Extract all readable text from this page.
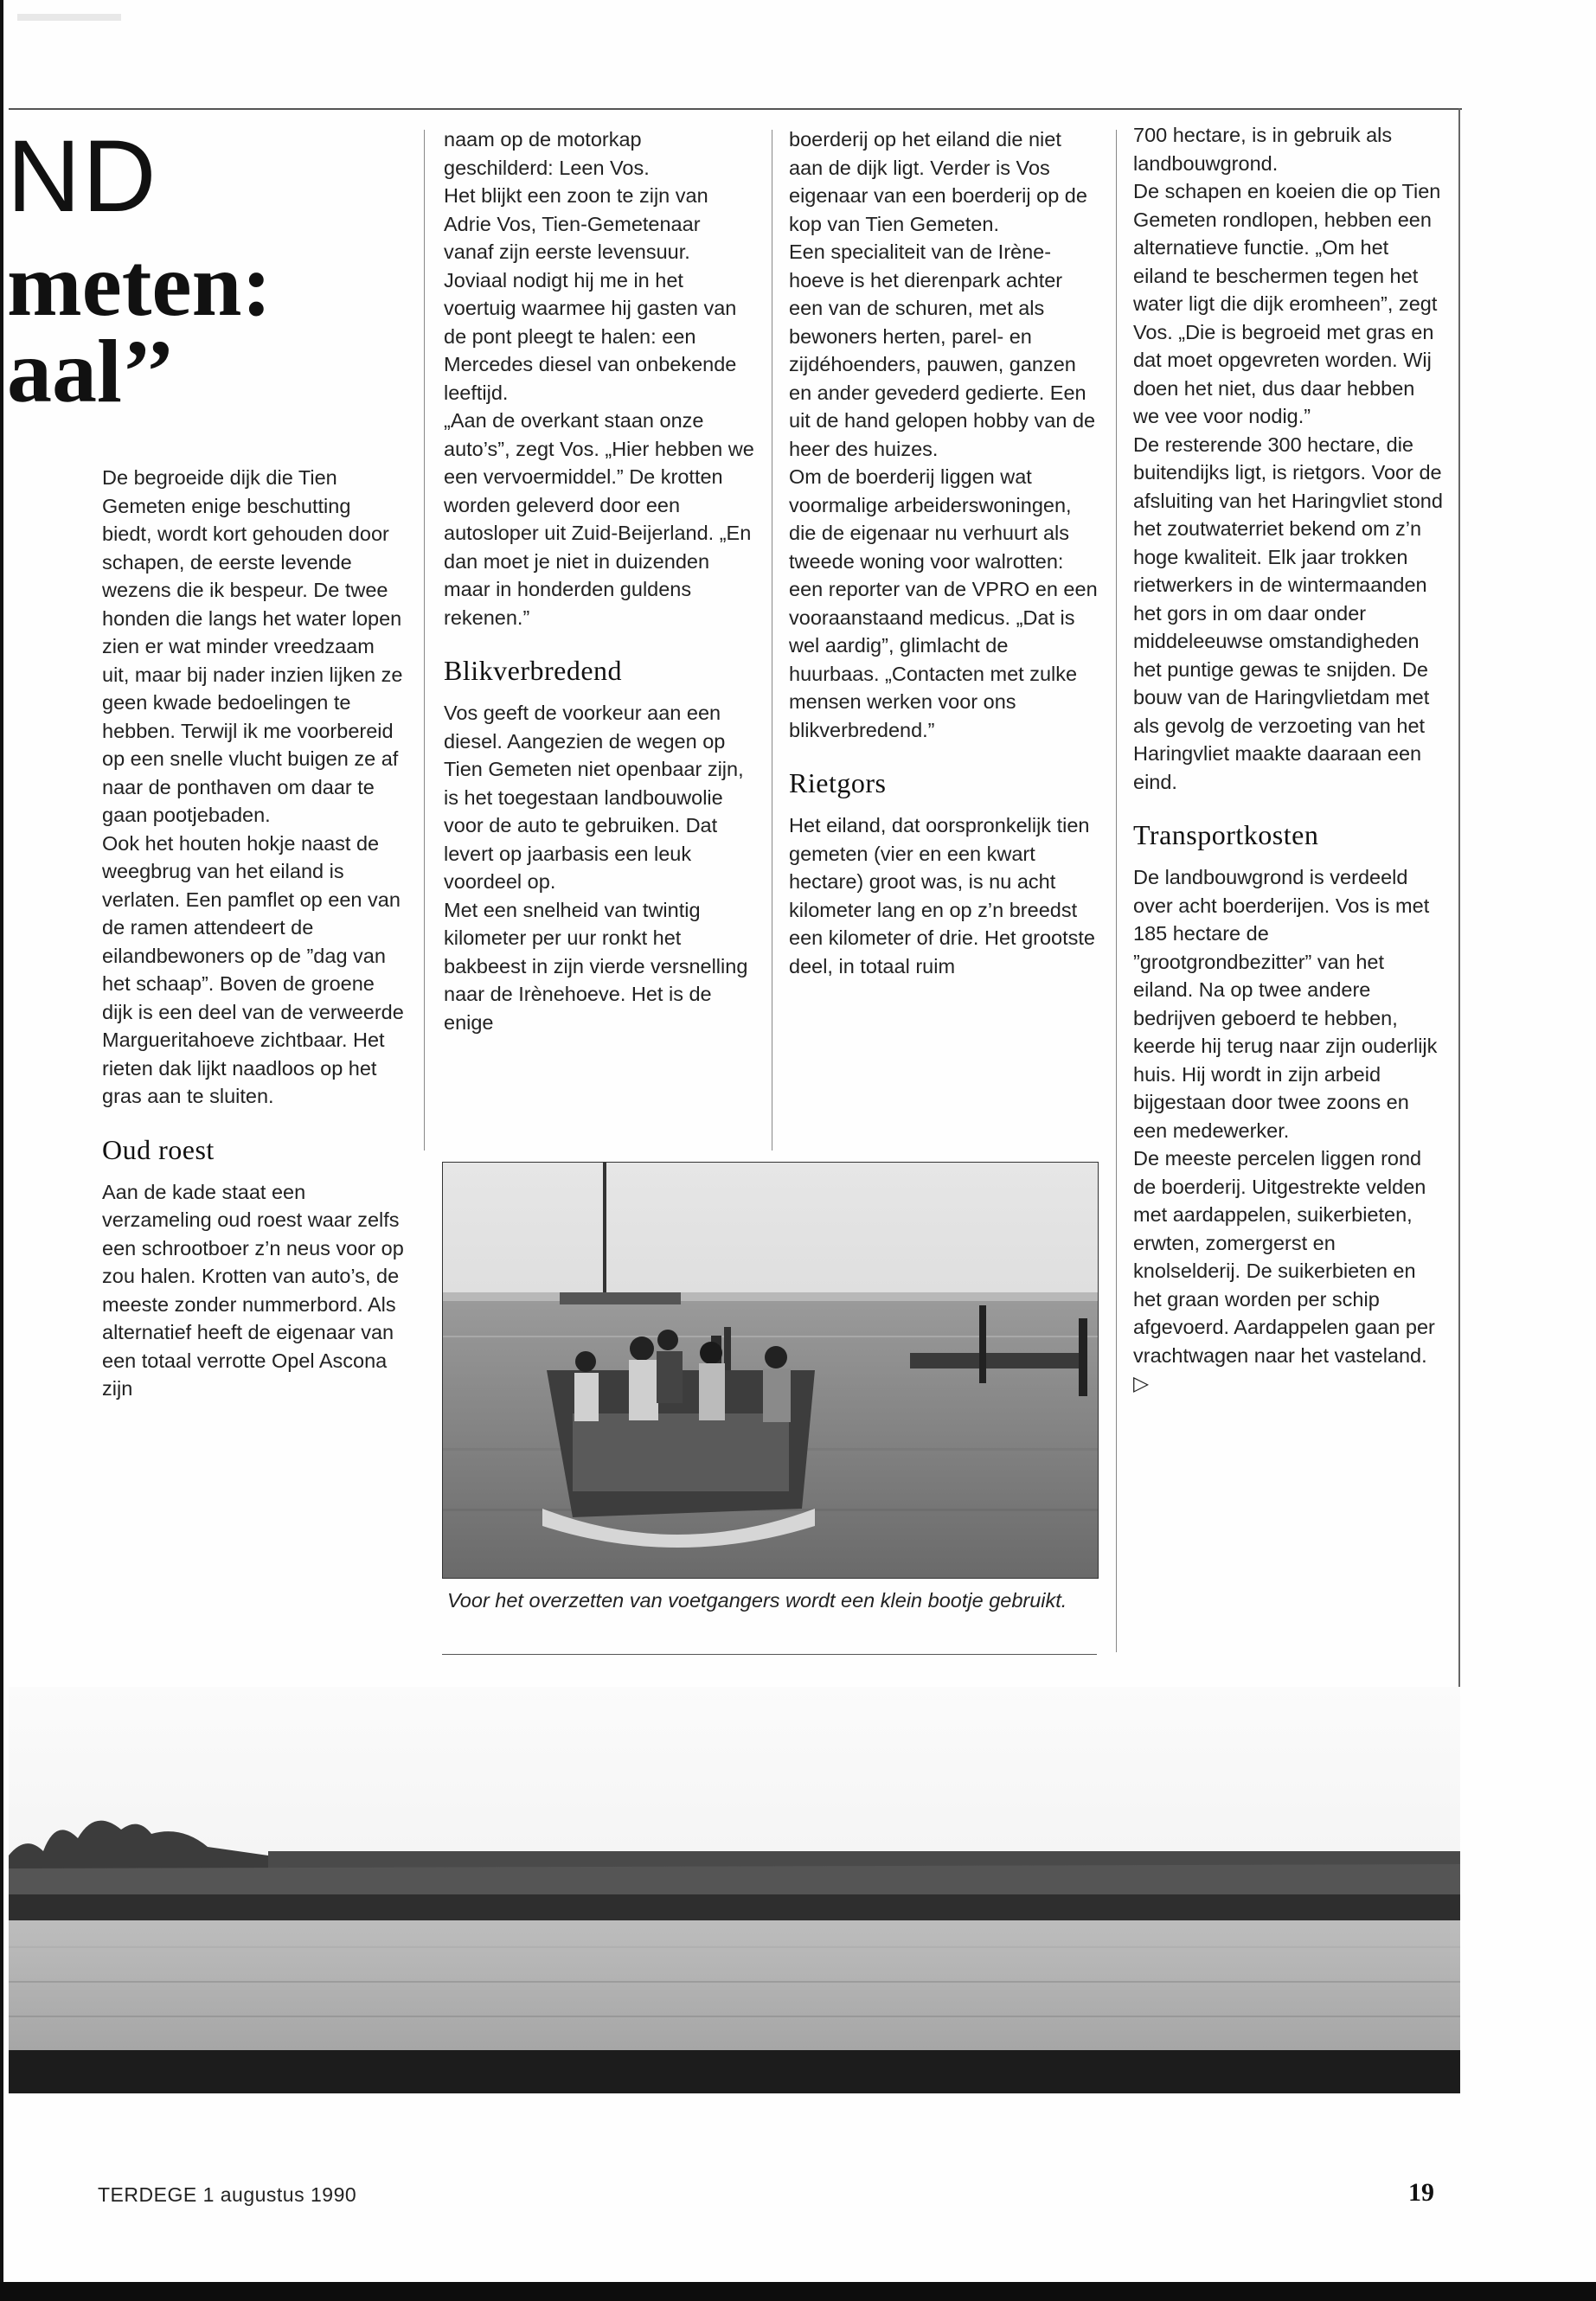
ND
meten:
aal’’

De begroeide dijk die Tien Gemeten enige beschutting biedt, wordt kort gehouden door schapen, de eerste levende wezens die ik bespeur. De twee honden die langs het water lopen zien er wat minder vreedzaam uit, maar bij nader inzien lijken ze geen kwade bedoelingen te hebben. Terwijl ik me voorbereid op een snelle vlucht buigen ze af naar de ponthaven om daar te gaan pootjebaden.

Ook het houten hokje naast de weegbrug van het eiland is verlaten. Een pamflet op een van de ramen attendeert de eilandbewoners op de ”dag van het schaap”. Boven de groene dijk is een deel van de verweerde Margueritahoeve zichtbaar. Het rieten dak lijkt naadloos op het gras aan te sluiten.

Oud roest

Aan de kade staat een verzameling oud roest waar zelfs een schrootboer z’n neus voor op zou halen. Krotten van auto’s, de meeste zonder nummerbord. Als alternatief heeft de eigenaar van een totaal verrotte Opel Ascona zijn

naam op de motorkap geschilderd: Leen Vos.

Het blijkt een zoon te zijn van Adrie Vos, Tien-Gemetenaar vanaf zijn eerste levensuur. Joviaal nodigt hij me in het voertuig waarmee hij gasten van de pont pleegt te halen: een Mercedes diesel van onbekende leeftijd.

„Aan de overkant staan onze auto’s”, zegt Vos. „Hier hebben we een vervoermiddel.” De krotten worden geleverd door een autosloper uit Zuid-Beijerland. „En dan moet je niet in duizenden maar in honderden guldens rekenen.”

Blikverbredend

Vos geeft de voorkeur aan een diesel. Aangezien de wegen op Tien Gemeten niet openbaar zijn, is het toegestaan landbouwolie voor de auto te gebruiken. Dat levert op jaarbasis een leuk voordeel op.

Met een snelheid van twintig kilometer per uur ronkt het bakbeest in zijn vierde versnelling naar de Irènehoeve. Het is de enige

boerderij op het eiland die niet aan de dijk ligt. Verder is Vos eigenaar van een boerderij op de kop van Tien Gemeten.

Een specialiteit van de Irène-hoeve is het dierenpark achter een van de schuren, met als bewoners herten, parel- en zijdéhoenders, pauwen, ganzen en ander gevederd gedierte. Een uit de hand gelopen hobby van de heer des huizes.

Om de boerderij liggen wat voormalige arbeiderswoningen, die de eigenaar nu verhuurt als tweede woning voor walrotten: een reporter van de VPRO en een vooraanstaand medicus. „Dat is wel aardig”, glimlacht de huurbaas. „Contacten met zulke mensen werken voor ons blikverbredend.”

Rietgors

Het eiland, dat oorspronkelijk tien gemeten (vier en een kwart hectare) groot was, is nu acht kilometer lang en op z’n breedst een kilometer of drie. Het grootste deel, in totaal ruim

700 hectare, is in gebruik als landbouwgrond.

De schapen en koeien die op Tien Gemeten rondlopen, hebben een alternatieve functie. „Om het eiland te beschermen tegen het water ligt die dijk eromheen”, zegt Vos. „Die is begroeid met gras en dat moet opgevreten worden. Wij doen het niet, dus daar hebben we vee voor nodig.”

De resterende 300 hectare, die buitendijks ligt, is rietgors. Voor de afsluiting van het Haringvliet stond het zoutwaterriet bekend om z’n hoge kwaliteit. Elk jaar trokken rietwerkers in de wintermaanden het gors in om daar onder middeleeuwse omstandigheden het puntige gewas te snijden. De bouw van de Haringvlietdam met als gevolg de verzoeting van het Haringvliet maakte daaraan een eind.

Transportkosten

De landbouwgrond is verdeeld over acht boerderijen. Vos is met 185 hectare de ”grootgrondbezitter” van het eiland. Na op twee andere bedrijven geboerd te hebben, keerde hij terug naar zijn ouderlijk huis. Hij wordt in zijn arbeid bijgestaan door twee zoons en een medewerker.

De meeste percelen liggen rond de boerderij. Uitgestrekte velden met aardappelen, suikerbieten, erwten, zomergerst en knolselderij. De suikerbieten en het graan worden per schip afgevoerd. Aardappelen gaan per vrachtwagen naar het vasteland. ▷

Voor het overzetten van voetgangers wordt een klein bootje gebruikt.
TERDEGE 1 augustus 1990	19
